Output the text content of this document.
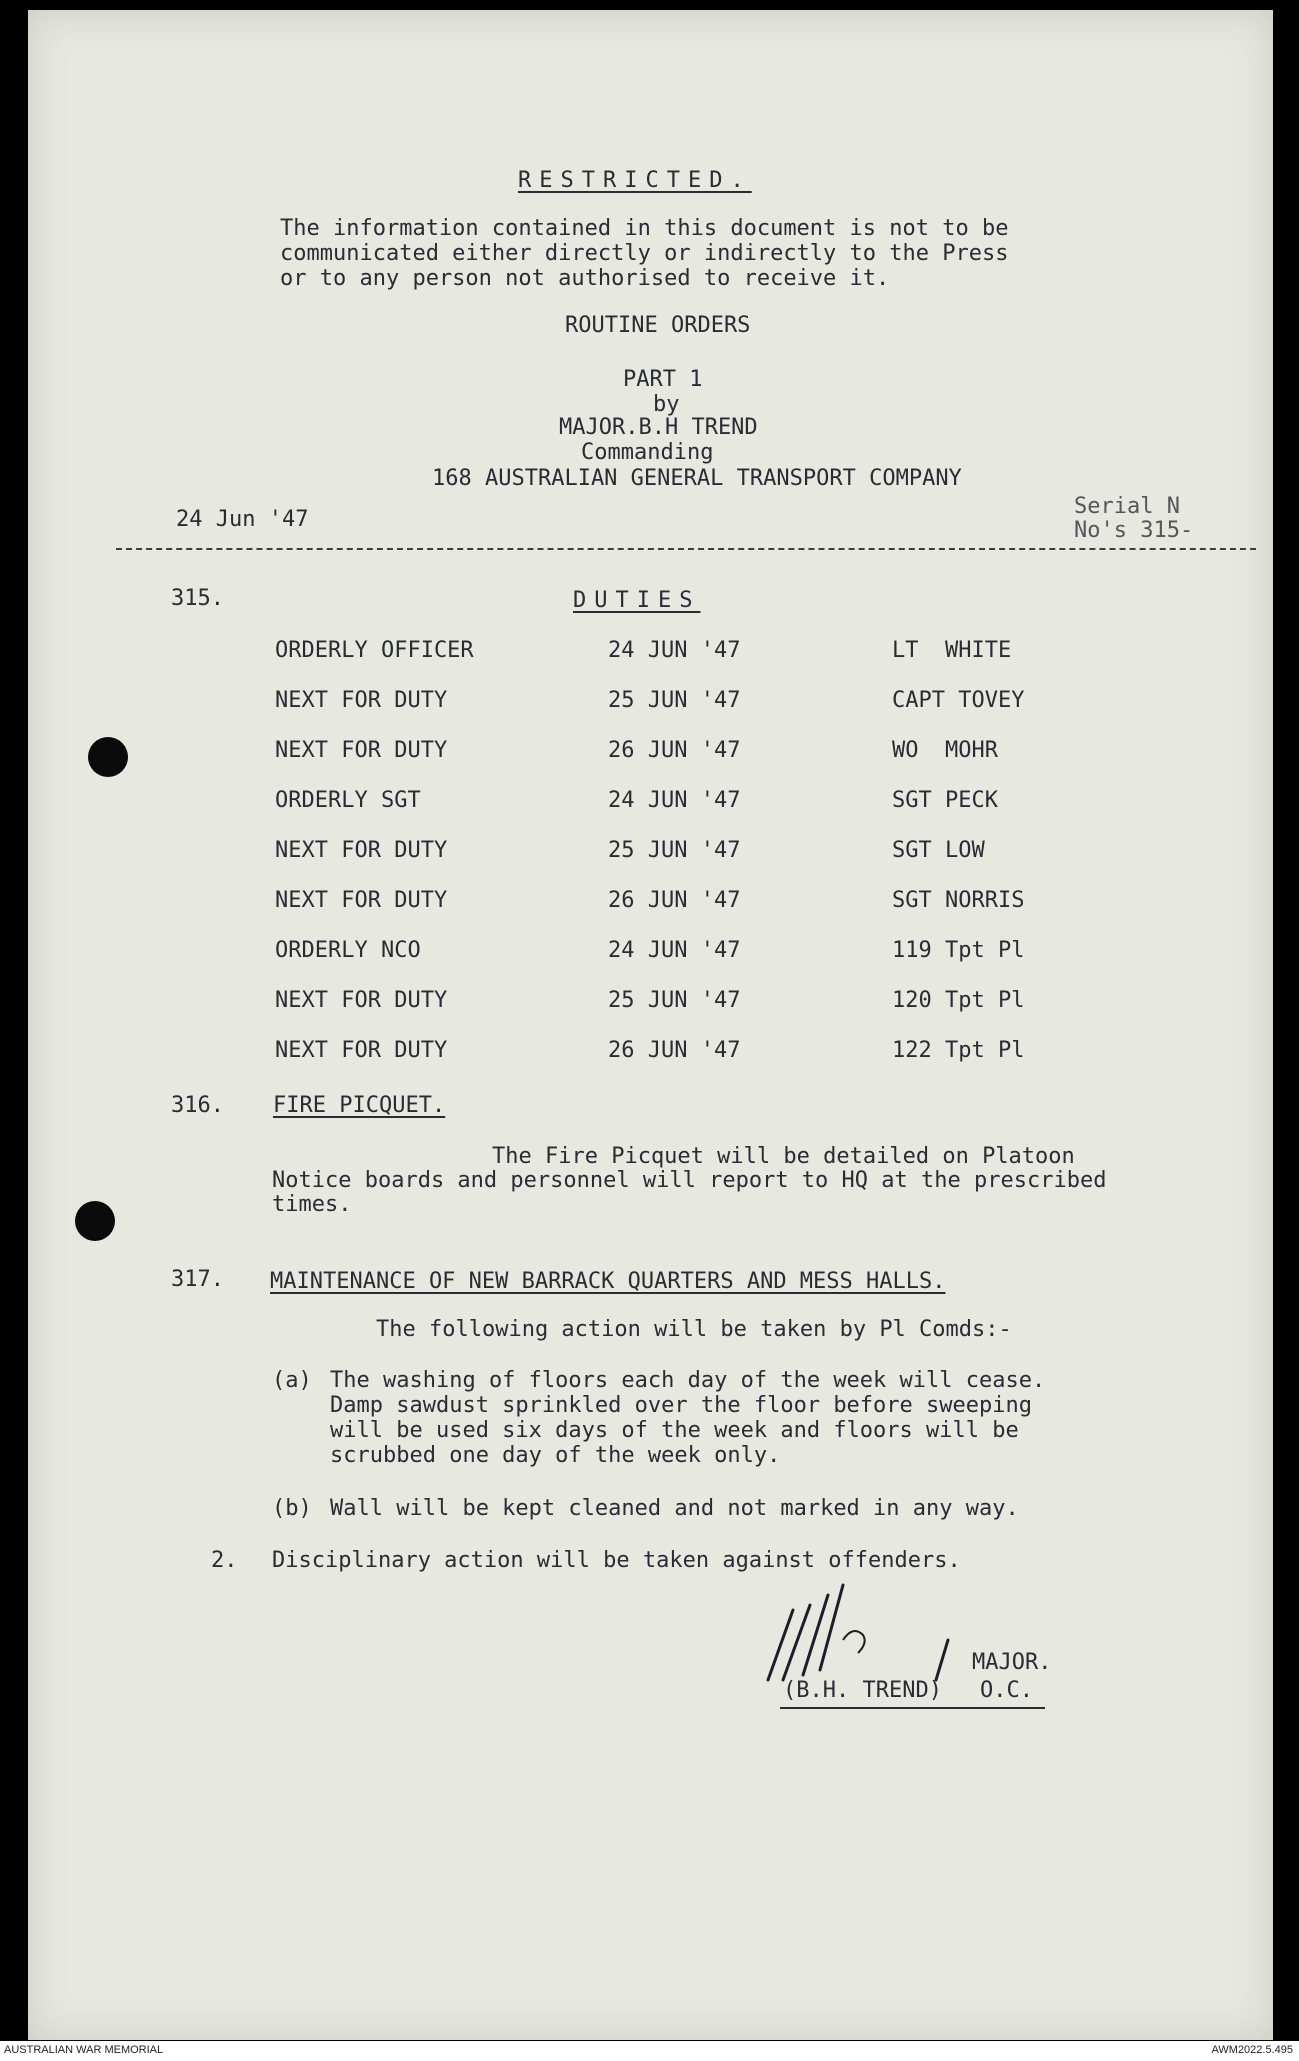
RESTRICTED.
The information contained in this document is not to be
communicated either directly or indirectly to the Press
or to any person not authorised to receive it.
ROUTINE ORDERS
PART 1
by
MAJOR.B.H TREND
Commanding
168 AUSTRALIAN GENERAL TRANSPORT COMPANY
24 Jun '47
Serial N
No's 315-
315.	DUTIES
316. FIRE PICQUET.
The Fire Picquet will be detailed on Platoon
Notice boards and personnel will report to HQ at the prescribed
times.
317. MAINTENANCE OF NEW BARRACK QUARTERS AND MESS HALLS.
The following action will be taken by Pl Comds:-
(a) The washing of floors each day of the week will cease.
Damp sawdust sprinkled over the floor before sweeping
will be used six days of the week and floors will be
scrubbed one day of the week only.
(b) Wall will be kept cleaned and not marked in any way.
2. Disciplinary action will be taken against offenders.
MAJOR.
(B.H. TREND) O.C.
ORDERLY OFFICER	24 JUN '47	LT  WHITE
NEXT FOR DUTY	25 JUN '47	CAPT TOVEY
NEXT FOR DUTY	26 JUN '47	WO  MOHR
ORDERLY SGT	24 JUN '47	SGT PECK
NEXT FOR DUTY	25 JUN '47	SGT LOW
NEXT FOR DUTY	26 JUN '47	SGT NORRIS
ORDERLY NCO	24 JUN '47	119 Tpt Pl
NEXT FOR DUTY	25 JUN '47	120 Tpt Pl
NEXT FOR DUTY	26 JUN '47	122 Tpt Pl
AUSTRALIAN WAR MEMORIAL	AWM2022.5.495
